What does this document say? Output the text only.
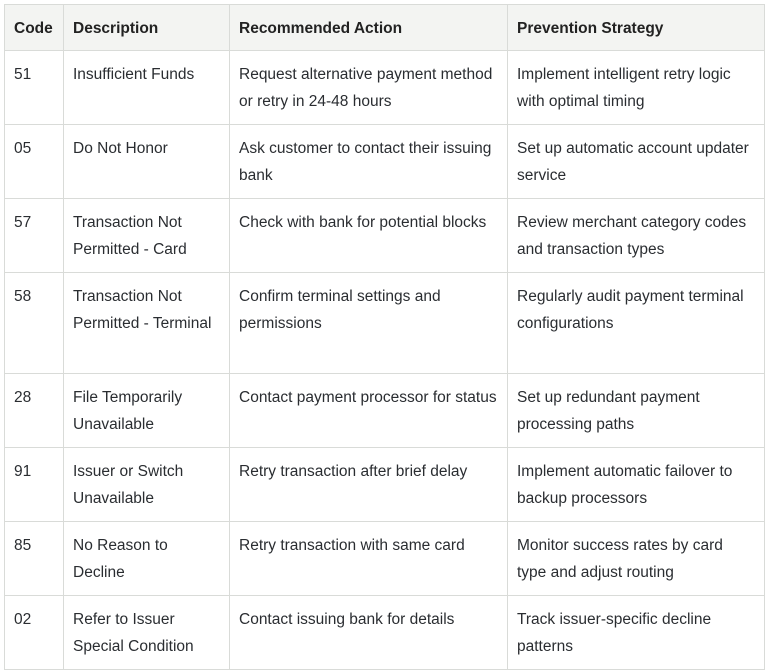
Code	Description	Recommended Action	Prevention Strategy
51	Insufficient Funds	Request alternative payment method or retry in 24-48 hours	Implement intelligent retry logic with optimal timing
05	Do Not Honor	Ask customer to contact their issuing bank	Set up automatic account updater service
57	Transaction Not Permitted - Card	Check with bank for potential blocks	Review merchant category codes and transaction types
58	Transaction Not Permitted - Terminal	Confirm terminal settings and permissions	Regularly audit payment terminal configurations
28	File Temporarily Unavailable	Contact payment processor for status	Set up redundant payment processing paths
91	Issuer or Switch Unavailable	Retry transaction after brief delay	Implement automatic failover to backup processors
85	No Reason to Decline	Retry transaction with same card	Monitor success rates by card type and adjust routing
02	Refer to Issuer Special Condition	Contact issuing bank for details	Track issuer-specific decline patterns
